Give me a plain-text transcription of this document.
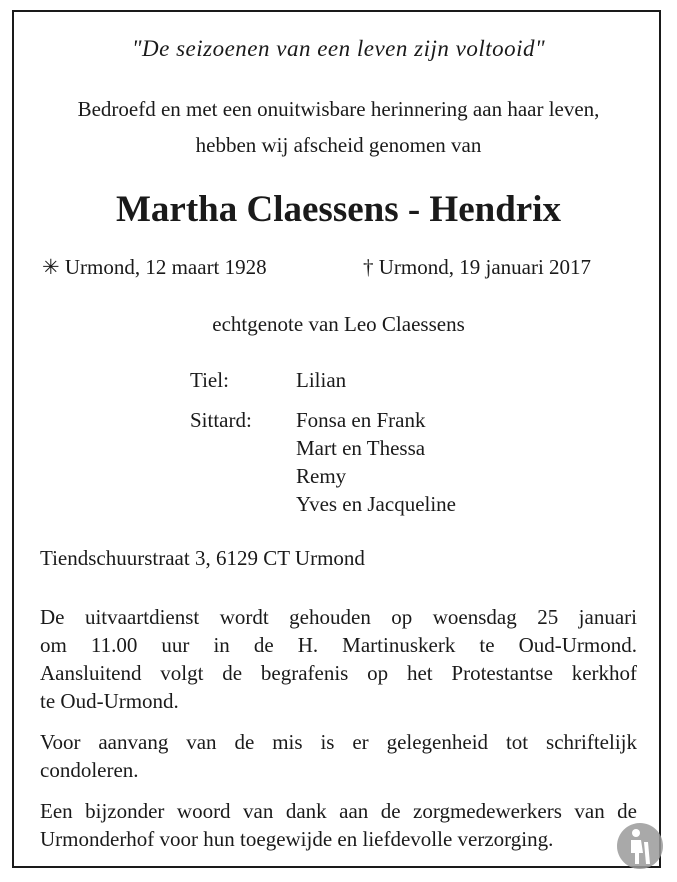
"De seizoenen van een leven zijn voltooid"
Bedroefd en met een onuitwisbare herinnering aan haar leven,
hebben wij afscheid genomen van
Martha Claessens - Hendrix
✳ Urmond, 12 maart 1928	† Urmond, 19 januari 2017
echtgenote van Leo Claessens
Tiel:	Lilian
Sittard: Fonsa en Frank
Mart en Thessa
Remy
Yves en Jacqueline
Tiendschuurstraat 3, 6129 CT Urmond
De uitvaartdienst wordt gehouden op woensdag 25 januari
om 11.00 uur in de H. Martinuskerk te Oud-Urmond.
Aansluitend volgt de begrafenis op het Protestantse kerkhof
te Oud-Urmond.
Voor aanvang van de mis is er gelegenheid tot schriftelijk
condoleren.
Een bijzonder woord van dank aan de zorgmedewerkers van de
Urmonderhof voor hun toegewijde en liefdevolle verzorging.
